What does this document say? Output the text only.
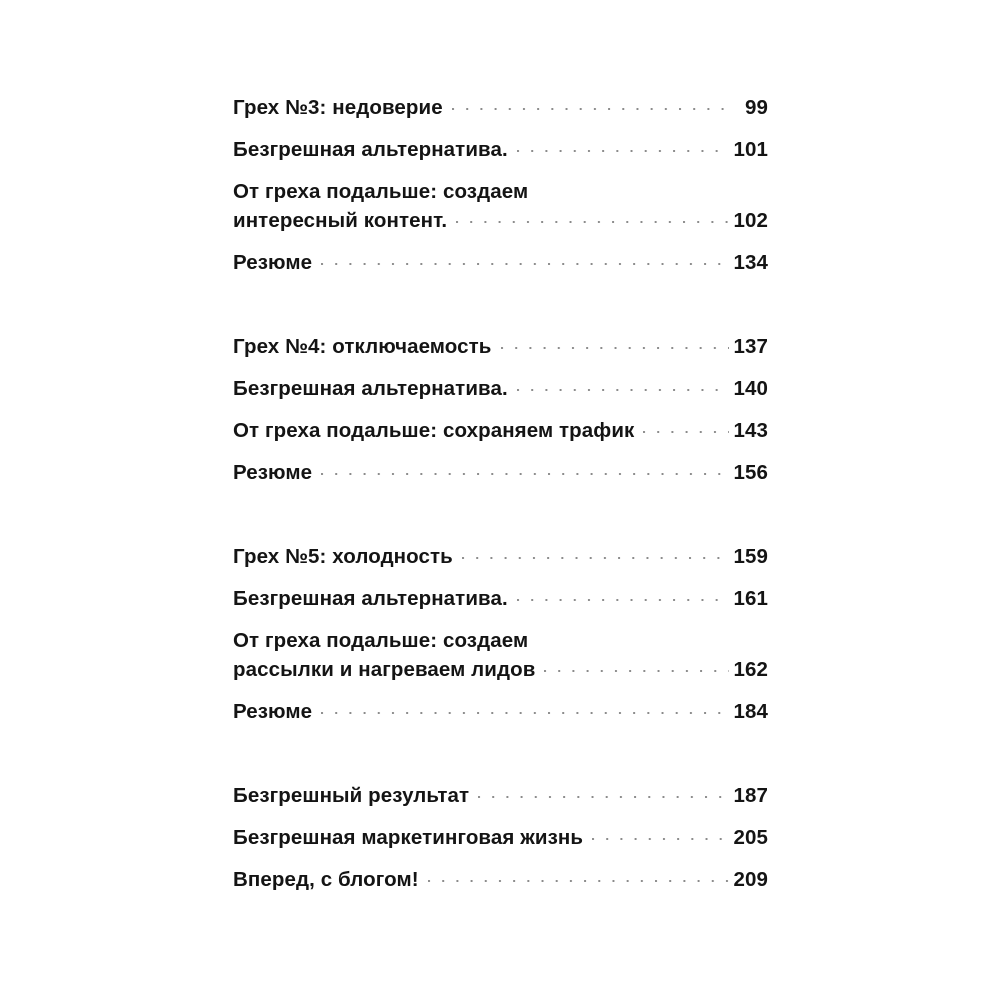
Грех №3: недоверие	99
Безгрешная альтернатива.	101
От греха подальше: создаем
интересный контент.	102
Резюме	134
Грех №4: отключаемость	137
Безгрешная альтернатива.	140
От греха подальше: сохраняем трафик	143
Резюме	156
Грех №5: холодность	159
Безгрешная альтернатива.	161
От греха подальше: создаем
рассылки и нагреваем лидов	162
Резюме	184
Безгрешный результат	187
Безгрешная маркетинговая жизнь	205
Вперед, с блогом!	209
